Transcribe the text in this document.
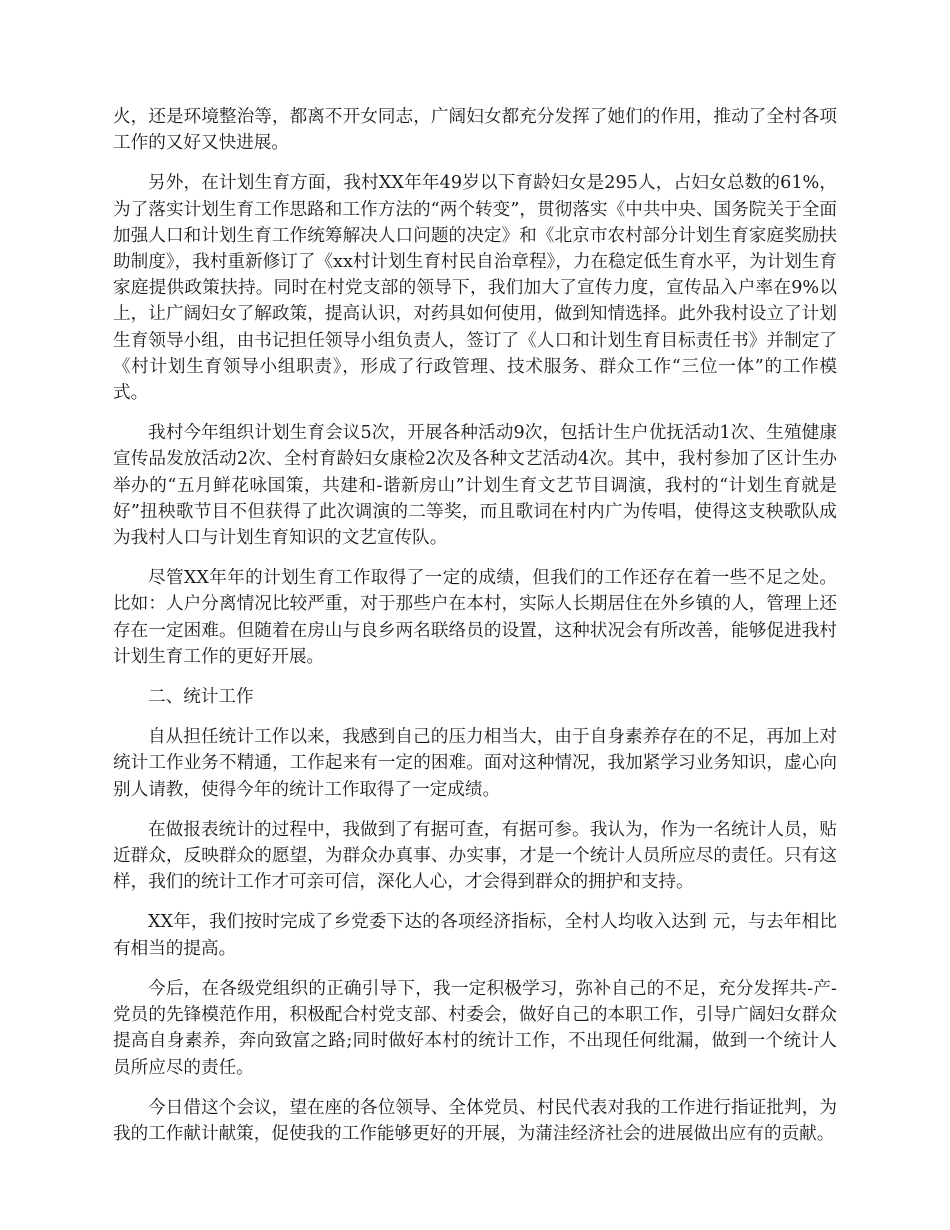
火，还是环境整治等，都离不开女同志，广阔妇女都充分发挥了她们的作用，推动了全村各项工作的又好又快进展。

另外，在计划生育方面，我村XX年年49岁以下育龄妇女是295人，占妇女总数的61%，为了落实计划生育工作思路和工作方法的“两个转变”，贯彻落实《中共中央、国务院关于全面加强人口和计划生育工作统筹解决人口问题的决定》和《北京市农村部分计划生育家庭奖励扶助制度》，我村重新修订了《xx村计划生育村民自治章程》，力在稳定低生育水平，为计划生育家庭提供政策扶持。同时在村党支部的领导下，我们加大了宣传力度，宣传品入户率在9%以上，让广阔妇女了解政策，提高认识，对药具如何使用，做到知情选择。此外我村设立了计划生育领导小组，由书记担任领导小组负责人，签订了《人口和计划生育目标责任书》并制定了《村计划生育领导小组职责》，形成了行政管理、技术服务、群众工作“三位一体”的工作模式。

我村今年组织计划生育会议5次，开展各种活动9次，包括计生户优抚活动1次、生殖健康宣传品发放活动2次、全村育龄妇女康检2次及各种文艺活动4次。其中，我村参加了区计生办举办的“五月鲜花咏国策，共建和-谐新房山”计划生育文艺节目调演，我村的“计划生育就是好”扭秧歌节目不但获得了此次调演的二等奖，而且歌词在村内广为传唱，使得这支秧歌队成为我村人口与计划生育知识的文艺宣传队。

尽管XX年年的计划生育工作取得了一定的成绩，但我们的工作还存在着一些不足之处。比如：人户分离情况比较严重，对于那些户在本村，实际人长期居住在外乡镇的人，管理上还存在一定困难。但随着在房山与良乡两名联络员的设置，这种状况会有所改善，能够促进我村计划生育工作的更好开展。

二、统计工作

自从担任统计工作以来，我感到自己的压力相当大，由于自身素养存在的不足，再加上对统计工作业务不精通，工作起来有一定的困难。面对这种情况，我加紧学习业务知识，虚心向别人请教，使得今年的统计工作取得了一定成绩。

在做报表统计的过程中，我做到了有据可查，有据可参。我认为，作为一名统计人员，贴近群众，反映群众的愿望，为群众办真事、办实事，才是一个统计人员所应尽的责任。只有这样，我们的统计工作才可亲可信，深化人心，才会得到群众的拥护和支持。

XX年，我们按时完成了乡党委下达的各项经济指标，全村人均收入达到 元，与去年相比有相当的提高。

今后，在各级党组织的正确引导下，我一定积极学习，弥补自己的不足，充分发挥共-产-党员的先锋模范作用，积极配合村党支部、村委会，做好自己的本职工作，引导广阔妇女群众提高自身素养，奔向致富之路;同时做好本村的统计工作，不出现任何纰漏，做到一个统计人员所应尽的责任。

今日借这个会议，望在座的各位领导、全体党员、村民代表对我的工作进行指证批判，为我的工作献计献策，促使我的工作能够更好的开展，为蒲洼经济社会的进展做出应有的贡献。
